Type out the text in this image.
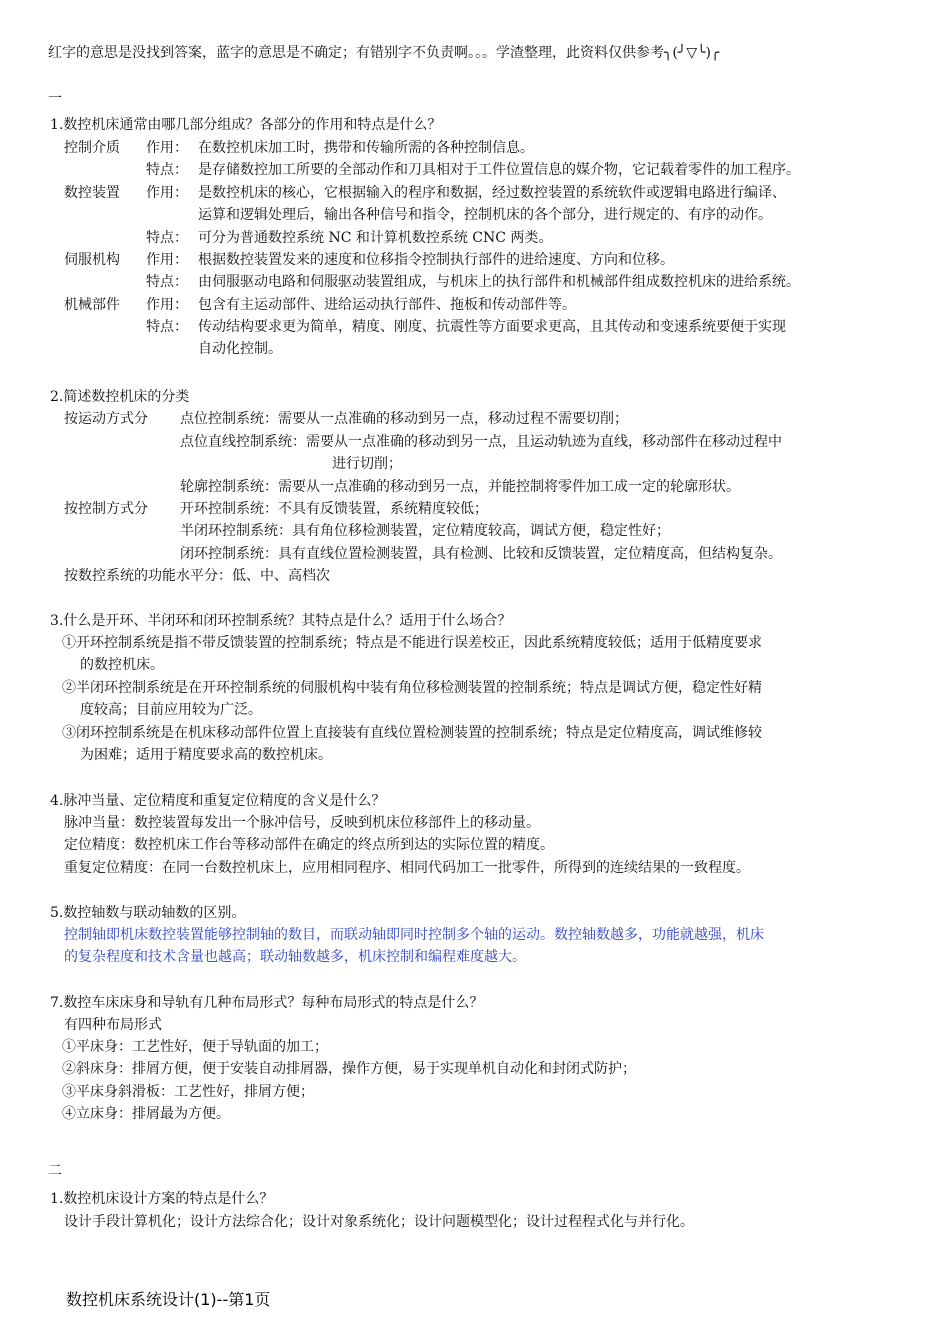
红字的意思是没找到答案，蓝字的意思是不确定；有错别字不负责啊。。。学渣整理，此资料仅供参考╮(╯▽╰)╭
一
1.数控机床通常由哪几部分组成？各部分的作用和特点是什么？
控制介质 作用： 在数控机床加工时，携带和传输所需的各种控制信息。
特点： 是存储数控加工所要的全部动作和刀具相对于工件位置信息的媒介物，它记载着零件的加工程序。
数控装置 作用： 是数控机床的核心，它根据输入的程序和数据，经过数控装置的系统软件或逻辑电路进行编译、
运算和逻辑处理后，输出各种信号和指令，控制机床的各个部分，进行规定的、有序的动作。
特点： 可分为普通数控系统 NC 和计算机数控系统 CNC 两类。
伺服机构 作用： 根据数控装置发来的速度和位移指令控制执行部件的进给速度、方向和位移。
特点： 由伺服驱动电路和伺服驱动装置组成，与机床上的执行部件和机械部件组成数控机床的进给系统。
机械部件 作用： 包含有主运动部件、进给运动执行部件、拖板和传动部件等。
特点： 传动结构要求更为简单，精度、刚度、抗震性等方面要求更高，且其传动和变速系统要便于实现
自动化控制。
2.简述数控机床的分类
按运动方式分 点位控制系统：需要从一点准确的移动到另一点，移动过程不需要切削；
点位直线控制系统：需要从一点准确的移动到另一点，且运动轨迹为直线，移动部件在移动过程中
进行切削；
轮廓控制系统：需要从一点准确的移动到另一点，并能控制将零件加工成一定的轮廓形状。
按控制方式分 开环控制系统：不具有反馈装置，系统精度较低；
半闭环控制系统：具有角位移检测装置，定位精度较高，调试方便，稳定性好；
闭环控制系统：具有直线位置检测装置，具有检测、比较和反馈装置，定位精度高，但结构复杂。
按数控系统的功能水平分：低、中、高档次
3.什么是开环、半闭环和闭环控制系统？其特点是什么？适用于什么场合？
①开环控制系统是指不带反馈装置的控制系统；特点是不能进行误差校正，因此系统精度较低；适用于低精度要求
的数控机床。
②半闭环控制系统是在开环控制系统的伺服机构中装有角位移检测装置的控制系统；特点是调试方便，稳定性好精
度较高；目前应用较为广泛。
③闭环控制系统是在机床移动部件位置上直接装有直线位置检测装置的控制系统；特点是定位精度高，调试维修较
为困难；适用于精度要求高的数控机床。
4.脉冲当量、定位精度和重复定位精度的含义是什么？
脉冲当量：数控装置每发出一个脉冲信号，反映到机床位移部件上的移动量。
定位精度：数控机床工作台等移动部件在确定的终点所到达的实际位置的精度。
重复定位精度：在同一台数控机床上，应用相同程序、相同代码加工一批零件，所得到的连续结果的一致程度。
5.数控轴数与联动轴数的区别。
控制轴即机床数控装置能够控制轴的数目，而联动轴即同时控制多个轴的运动。数控轴数越多，功能就越强，机床
的复杂程度和技术含量也越高；联动轴数越多，机床控制和编程难度越大。
7.数控车床床身和导轨有几种布局形式？每种布局形式的特点是什么？
有四种布局形式
①平床身：工艺性好，便于导轨面的加工；
②斜床身：排屑方便，便于安装自动排屑器，操作方便，易于实现单机自动化和封闭式防护；
③平床身斜滑板：工艺性好，排屑方便；
④立床身：排屑最为方便。
二
1.数控机床设计方案的特点是什么？
设计手段计算机化；设计方法综合化；设计对象系统化；设计问题模型化；设计过程程式化与并行化。
数控机床系统设计(1)--第1页
